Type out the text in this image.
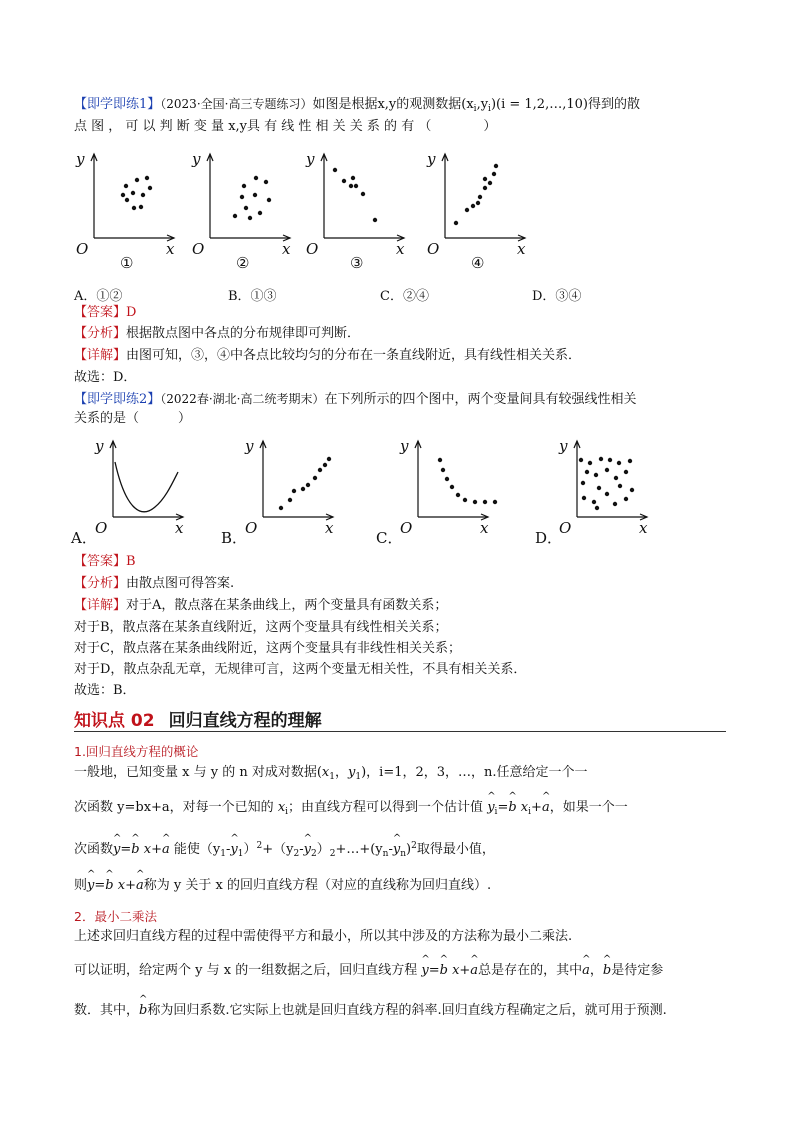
【即学即练1】（2023·全国·高三专题练习）如图是根据x,y的观测数据$(x_i,y_i)(i$ = 1,2,…,10)得到的散
点 图 ， 可 以 判 断 变 量 x,y具 有 线 性 相 关 关 系 的 有 （　　　　）
y
x
O
①
y
x
O
②
y
x
O
③
y
x
O
④
A．①②	B．①③	C．②④	D．③④
【答案】D
【分析】根据散点图中各点的分布规律即可判断．
【详解】由图可知，③，④中各点比较均匀的分布在一条直线附近，具有线性相关关系．
故选：D．
【即学即练2】（2022春·湖北·高二统考期末）在下列所示的四个图中，两个变量间具有较强线性相关
关系的是（　　　）
y
x
O
A．
y
x
O
B．
y
x
O
C．
y
x
O
D．
【答案】B
【分析】由散点图可得答案.
【详解】对于A，散点落在某条曲线上，两个变量具有函数关系；
对于B，散点落在某条直线附近，这两个变量具有线性相关关系；
对于C，散点落在某条曲线附近，这两个变量具有非线性相关关系；
对于D，散点杂乱无章，无规律可言，这两个变量无相关性，不具有相关关系．
故选：B．
知识点 02 回归直线方程的理解
1.回归直线方程的概论
一般地，已知变量 x 与 y 的 n 对成对数据($x_1$，$y_1$)，i=1，2，3，…，n.任意给定一个一
次函数 y=bx+a，对每一个已知的 $x_i$；由直线方程可以得到一个估计值 ^ $y_i=\^{}$ b $x_i+\^{}$ a，如果一个一
次函数^ y=^ b x+^ a 能使（$y_1-\^{}$ $y_1)^2+(y_2-\^{}$ $y_2)_2+\dots+(y_n-\^{}$ $y_n)^2$取得最小值，
则^ y=^ b x+^ a称为 y 关于 x 的回归直线方程（对应的直线称为回归直线）.
2．最小二乘法
上述求回归直线方程的过程中需使得平方和最小，所以其中涉及的方法称为最小二乘法.
可以证明，给定两个 y 与 x 的一组数据之后，回归直线方程 ^ y=^ b x+^ a总是存在的，其中^ a，^ b是待定参
数．其中，^ b称为回归系数.它实际上也就是回归直线方程的斜率.回归直线方程确定之后，就可用于预测.
